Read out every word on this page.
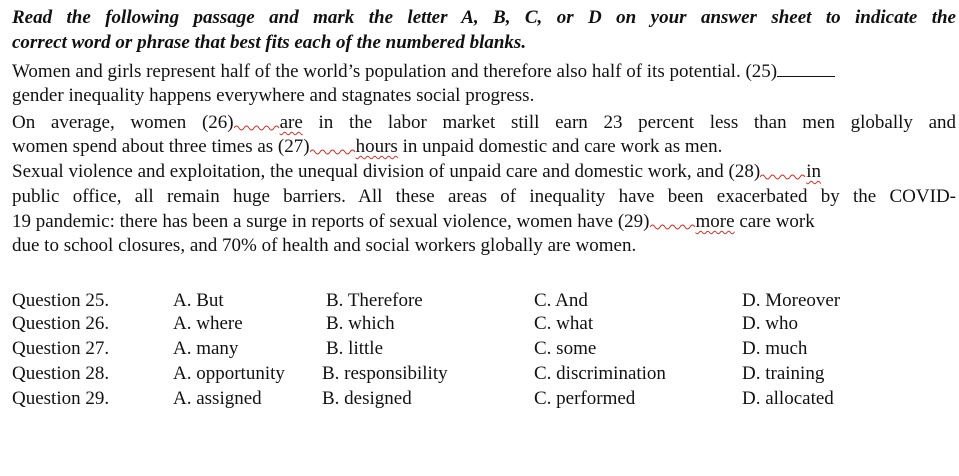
Read the following passage and mark the letter A, B, C, or D on your answer sheet to indicate the
correct word or phrase that best fits each of the numbered blanks.
Women and girls represent half of the world’s population and therefore also half of its potential. (25)
gender inequality happens everywhere and stagnates social progress.
On average, women (26) are in the labor market still earn 23 percent less than men globally and
women spend about three times as (27) hours in unpaid domestic and care work as men.
Sexual violence and exploitation, the unequal division of unpaid care and domestic work, and (28) in
public office, all remain huge barriers. All these areas of inequality have been exacerbated by the COVID-
19 pandemic: there has been a surge in reports of sexual violence, women have (29) more care work
due to school closures, and 70% of health and social workers globally are women.
Question 25.	A. But	B. Therefore	C. And	D. Moreover
Question 26.	A. where	B. which	C. what	D. who
Question 27.	A. many	B. little	C. some	D. much
Question 28.	A. opportunity B. responsibility	C. discrimination	D. training
Question 29.	A. assigned	B. designed	C. performed	D. allocated
